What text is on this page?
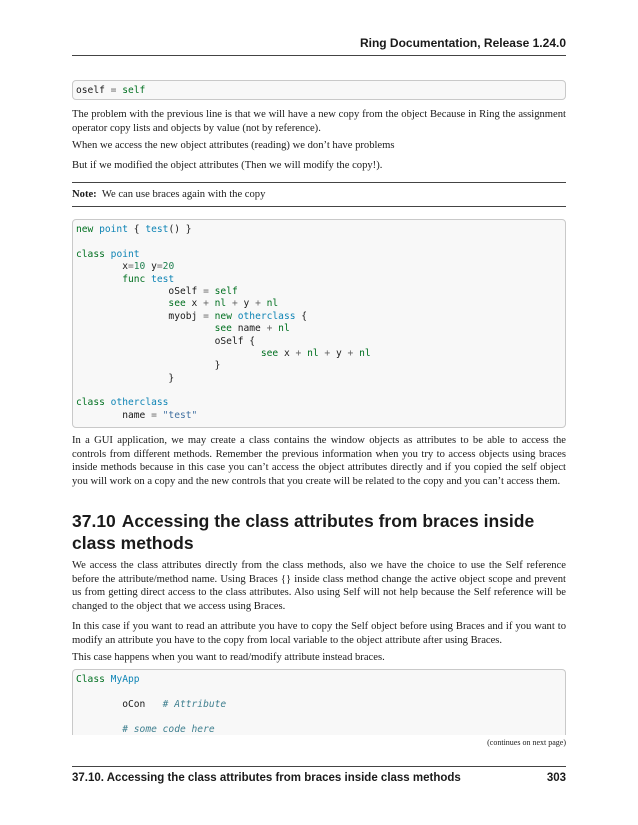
Ring Documentation, Release 1.24.0
oself = self

The problem with the previous line is that we will have a new copy from the object Because in Ring the assignment operator copy lists and objects by value (not by reference).

When we access the new object attributes (reading) we don’t have problems

But if we modified the object attributes (Then we will modify the copy!).

Note: We can use braces again with the copy

new point { test() }

class point
x=10 y=20
func test
oSelf = self
see x + nl + y + nl
myobj = new otherclass {
see name + nl
oSelf {
see x + nl + y + nl
}
}

class otherclass
name = "test"

In a GUI application, we may create a class contains the window objects as attributes to be able to access the controls from different methods. Remember the previous information when you try to access objects using braces inside methods because in this case you can’t access the object attributes directly and if you copied the self object you will work on a copy and the new controls that you create will be related to the copy and you can’t access them.

37.10 Accessing the class attributes from braces inside class methods

We access the class attributes directly from the class methods, also we have the choice to use the Self reference before the attribute/method name. Using Braces {} inside class method change the active object scope and prevent us from getting direct access to the class attributes. Also using Self will not help because the Self reference will be changed to the object that we access using Braces.

In this case if you want to read an attribute you have to copy the Self object before using Braces and if you want to modify an attribute you have to the copy from local variable to the object attribute after using Braces.

This case happens when you want to read/modify attribute instead braces.

Class MyApp

oCon   # Attribute

# some code here
(continues on next page)
37.10. Accessing the class attributes from braces inside class methods	303
